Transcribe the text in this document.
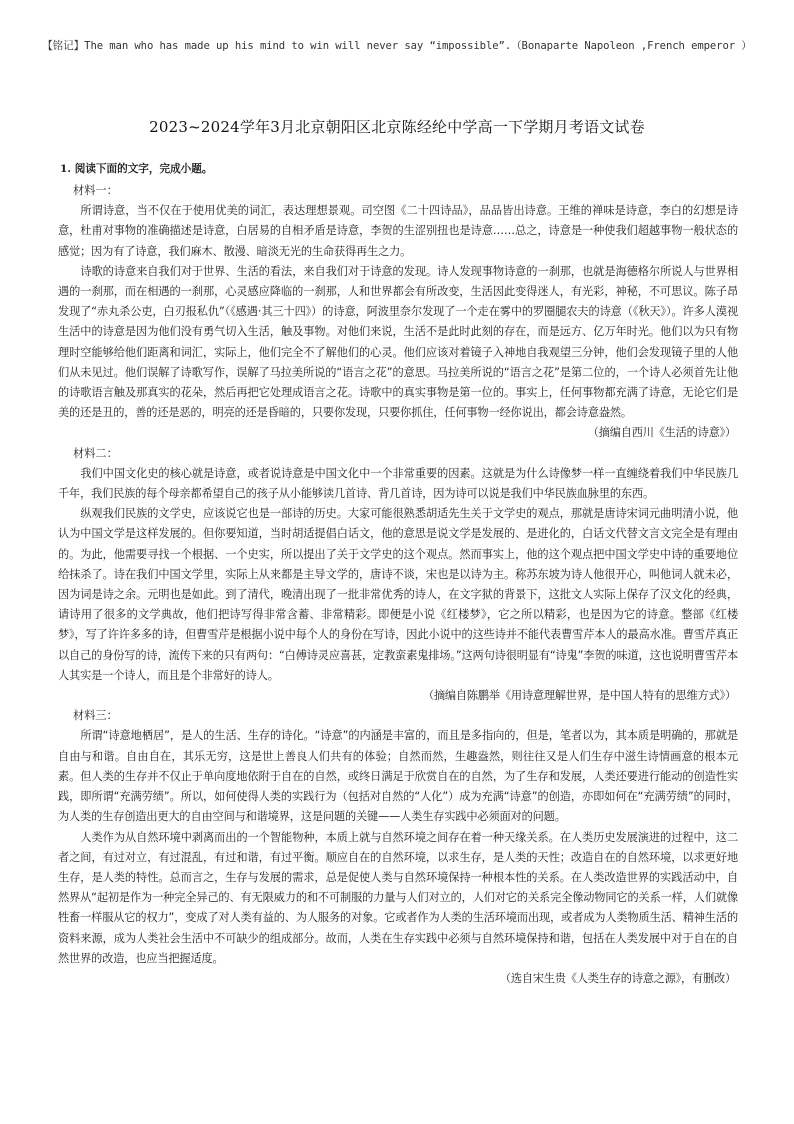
【铭记】The man who has made up his mind to win will never say “impossible”.（Bonaparte Napoleon ,French emperor ）
2023~2024学年3月北京朝阳区北京陈经纶中学高一下学期月考语文试卷
1. 阅读下面的文字，完成小题。
材料一：

所谓诗意，当不仅在于使用优美的词汇，表达理想景观。司空图《二十四诗品》，品品皆出诗意。王维的禅味是诗意，李白的幻想是诗意，杜甫对事物的准确描述是诗意，白居易的自相矛盾是诗意，李贺的生涩别扭也是诗意……总之，诗意是一种使我们超越事物一般状态的感觉；因为有了诗意，我们麻木、散漫、暗淡无光的生命获得再生之力。

诗歌的诗意来自我们对于世界、生活的看法，来自我们对于诗意的发现。诗人发现事物诗意的一刹那，也就是海德格尔所说人与世界相遇的一刹那，而在相遇的一刹那，心灵感应降临的一刹那，人和世界都会有所改变，生活因此变得迷人，有光彩，神秘，不可思议。陈子昂发现了“赤丸杀公吏，白刃报私仇”（《感遇·其三十四》）的诗意，阿波里奈尔发现了一个走在雾中的罗圈腿农夫的诗意（《秋天》）。许多人漠视生活中的诗意是因为他们没有勇气切入生活，触及事物。对他们来说，生活不是此时此刻的存在，而是远方、亿万年时光。他们以为只有物理时空能够给他们距离和词汇，实际上，他们完全不了解他们的心灵。他们应该对着镜子入神地自我观望三分钟，他们会发现镜子里的人他们从未见过。他们误解了诗歌写作，误解了马拉美所说的“语言之花”的意思。马拉美所说的“语言之花”是第二位的，一个诗人必须首先让他的诗歌语言触及那真实的花朵，然后再把它处理成语言之花。诗歌中的真实事物是第一位的。事实上，任何事物都充满了诗意，无论它们是美的还是丑的，善的还是恶的，明亮的还是昏暗的，只要你发现，只要你抓住，任何事物一经你说出，都会诗意盎然。

（摘编自西川《生活的诗意》）
材料二：

我们中国文化史的核心就是诗意，或者说诗意是中国文化中一个非常重要的因素。这就是为什么诗像梦一样一直缠绕着我们中华民族几千年，我们民族的每个母亲都希望自己的孩子从小能够读几首诗、背几首诗，因为诗可以说是我们中华民族血脉里的东西。

纵观我们民族的文学史，应该说它也是一部诗的历史。大家可能很熟悉胡适先生关于文学史的观点，那就是唐诗宋词元曲明清小说，他认为中国文学是这样发展的。但你要知道，当时胡适提倡白话文，他的意思是说文学是发展的、是进化的，白话文代替文言文完全是有理由的。为此，他需要寻找一个根据、一个史实，所以提出了关于文学史的这个观点。然而事实上，他的这个观点把中国文学史中诗的重要地位给抹杀了。诗在我们中国文学里，实际上从来都是主导文学的，唐诗不谈，宋也是以诗为主。称苏东坡为诗人他很开心，叫他词人就未必，因为词是诗之余。元明也是如此。到了清代，晚清出现了一批非常优秀的诗人，在文字狱的背景下，这批文人实际上保存了汉文化的经典，请诗用了很多的文学典故，他们把诗写得非常含蓄、非常精彩。即便是小说《红楼梦》，它之所以精彩，也是因为它的诗意。整部《红楼梦》，写了许许多多的诗，但曹雪芹是根据小说中每个人的身份在写诗，因此小说中的这些诗并不能代表曹雪芹本人的最高水准。曹雪芹真正以自己的身份写的诗，流传下来的只有两句：“白傅诗灵应喜甚，定教蛮素鬼排场。”这两句诗很明显有“诗鬼”李贺的味道，这也说明曹雪芹本人其实是一个诗人，而且是个非常好的诗人。

（摘编自陈鹏举《用诗意理解世界，是中国人特有的思维方式》）
材料三：

所谓“诗意地栖居”，是人的生活、生存的诗化。“诗意”的内涵是丰富的，而且是多指向的，但是，笔者以为，其本质是明确的，那就是自由与和谐。自由自在，其乐无穷，这是世上善良人们共有的体验；自然而然，生趣盎然，则往往又是人们生存中滋生诗情画意的根本元素。但人类的生存并不仅止于单向度地依附于自在的自然，或终日满足于欣赏自在的自然，为了生存和发展，人类还要进行能动的创造性实践，即所谓“充满劳绩”。所以，如何使得人类的实践行为（包括对自然的“人化”）成为充满“诗意”的创造，亦即如何在“充满劳绩”的同时，为人类的生存创造出更大的自由空间与和谐境界，这是问题的关键——人类生存实践中必须面对的问题。

人类作为从自然环境中剥离而出的一个智能物种，本质上就与自然环境之间存在着一种天缘关系。在人类历史发展演进的过程中，这二者之间，有过对立，有过混乱，有过和谐，有过平衡。顺应自在的自然环境，以求生存，是人类的天性；改造自在的自然环境，以求更好地生存，是人类的特性。总而言之，生存与发展的需求，总是促使人类与自然环境保持一种根本性的关系。在人类改造世界的实践活动中，自然界从“起初是作为一种完全异己的、有无限威力的和不可制服的力量与人们对立的，人们对它的关系完全像动物同它的关系一样，人们就像牲畜一样服从它的权力”，变成了对人类有益的、为人服务的对象。它或者作为人类的生活环境而出现，或者成为人类物质生活、精神生活的资料来源，成为人类社会生活中不可缺少的组成部分。故而，人类在生存实践中必须与自然环境保持和谐，包括在人类发展中对于自在的自然世界的改造，也应当把握适度。

（选自宋生贵《人类生存的诗意之源》，有删改）
